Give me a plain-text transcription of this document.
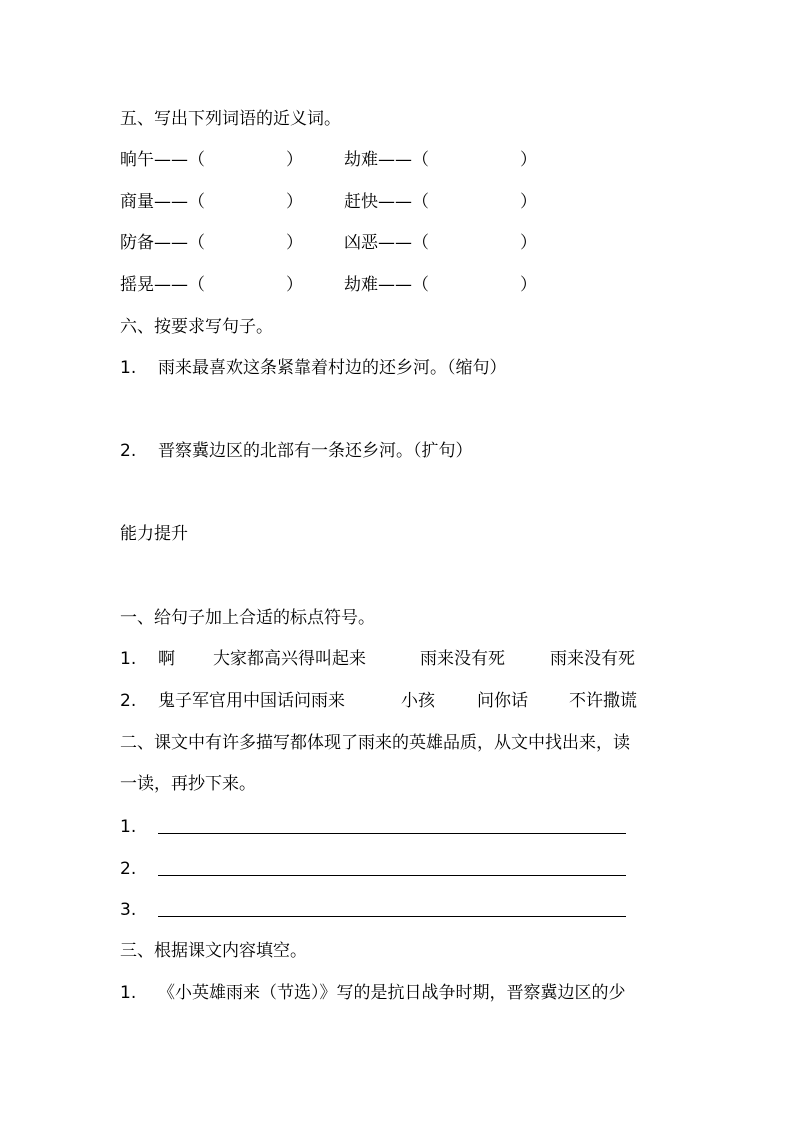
五、写出下列词语的近义词。
晌午——（	） 劫难——（	）
商量——（	） 赶快——（	）
防备——（	） 凶恶——（	）
摇晃——（	） 劫难——（	）
六、按要求写句子。
1. 雨来最喜欢这条紧靠着村边的还乡河。（缩句）
2. 晋察冀边区的北部有一条还乡河。（扩句）
能力提升
一、给句子加上合适的标点符号。
1. 啊 大家都高兴得叫起来	雨来没有死	雨来没有死
2. 鬼子军官用中国话问雨来	小孩 问你话 不许撒谎
二、课文中有许多描写都体现了雨来的英雄品质，从文中找出来，读
一读，再抄下来。
1.
2.
3.
三、根据课文内容填空。
1. 《小英雄雨来（节选）》写的是抗日战争时期，晋察冀边区的少
